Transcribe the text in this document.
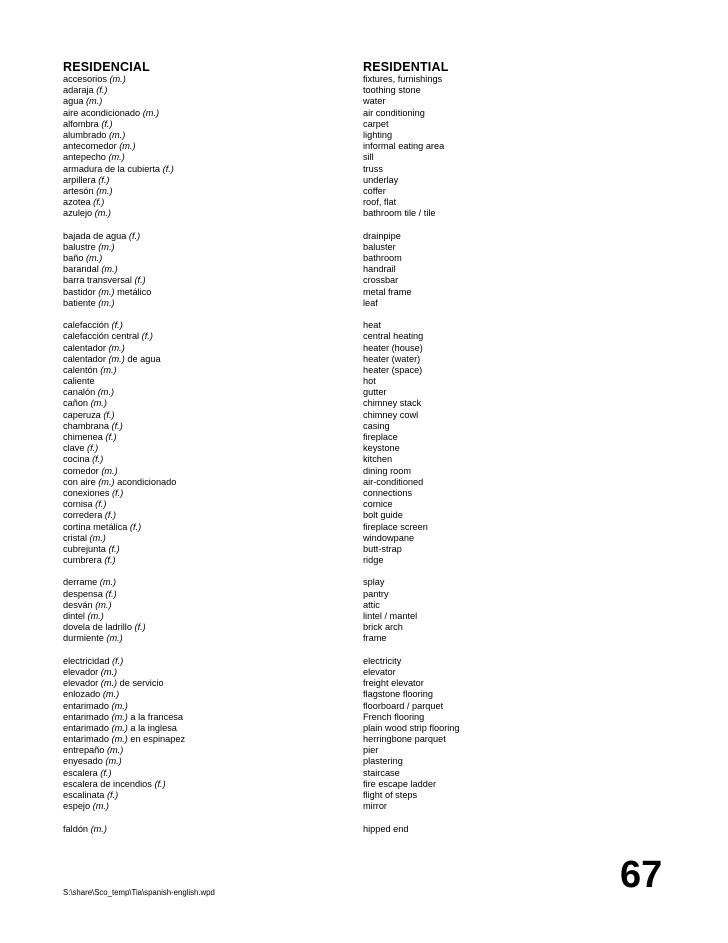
RESIDENCIAL	RESIDENTIAL
accesorios (m.)	fixtures, furnishings
adaraja (f.)	toothing stone
agua (m.)	water
aire acondicionado (m.)	air conditioning
alfombra (f.)	carpet
alumbrado (m.)	lighting
antecomedor (m.)	informal eating area
antepecho (m.)	sill
armadura de la cubierta (f.)	truss
arpillera (f.)	underlay
artesón (m.)	coffer
azotea (f.)	roof, flat
azulejo (m.)	bathroom tile / tile
bajada de agua (f.)	drainpipe
balustre (m.)	baluster
baño (m.)	bathroom
barandal (m.)	handrail
barra transversal (f.)	crossbar
bastidor (m.) metálico	metal frame
batiente (m.)	leaf
calefacción (f.)	heat
calefacción central (f.)	central heating
calentador (m.)	heater (house)
calentador (m.) de agua	heater (water)
calentón (m.)	heater (space)
caliente	hot
canalón (m.)	gutter
cañon (m.)	chimney stack
caperuza (f.)	chimney cowl
chambrana (f.)	casing
chimenea (f.)	fireplace
clave (f.)	keystone
cocina (f.)	kitchen
comedor (m.)	dining room
con aire (m.) acondicionado	air-conditioned
conexiones (f.)	connections
cornisa (f.)	cornice
corredera (f.)	bolt guide
cortina metálica (f.)	fireplace screen
cristal (m.)	windowpane
cubrejunta (f.)	butt-strap
cumbrera (f.)	ridge
derrame (m.)	splay
despensa (f.)	pantry
desván (m.)	attic
dintel (m.)	lintel / mantel
dovela de ladrillo (f.)	brick arch
durmiente (m.)	frame
electricidad (f.)	electricity
elevador (m.)	elevator
elevador (m.) de servicio	freight elevator
enlozado (m.)	flagstone flooring
entarimado (m.)	floorboard / parquet
entarimado (m.) a la francesa	French flooring
entarimado (m.) a la inglesa	plain wood strip flooring
entarimado (m.) en espinapez	herringbone parquet
entrepaño (m.)	pier
enyesado (m.)	plastering
escalera (f.)	staircase
escalera de incendios (f.)	fire escape ladder
escalinata (f.)	flight of steps
espejo (m.)	mirror
faldón (m.)	hipped end
S:\share\Sco_temp\Tia\spanish-english.wpd	67
